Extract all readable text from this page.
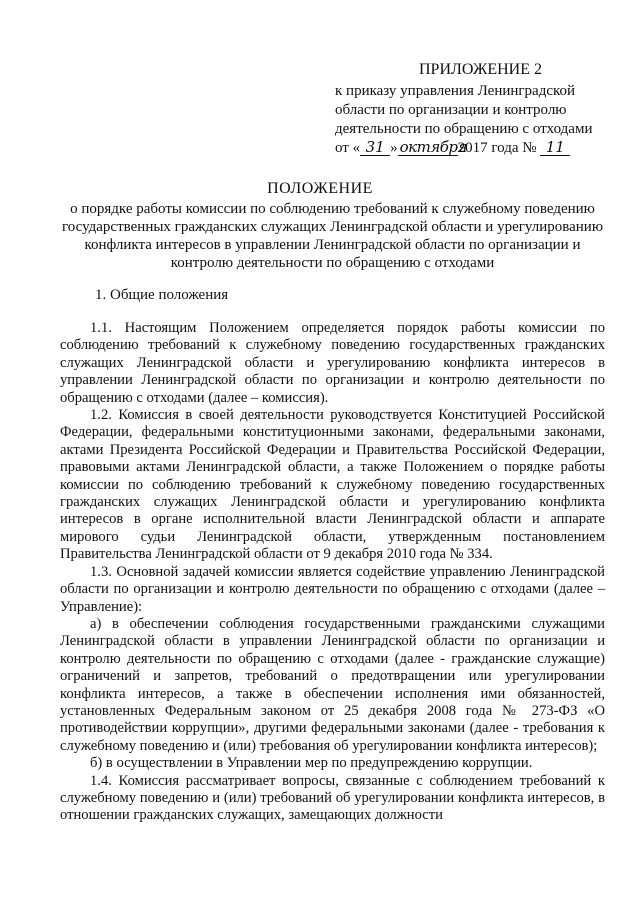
ПРИЛОЖЕНИЕ 2
к приказу управления Ленинградской
области по организации и контролю
деятельности по обращению с отходами
от « 31 » октября2017 года № 11
ПОЛОЖЕНИЕ
о порядке работы комиссии по соблюдению требований к служебному поведению государственных гражданских служащих Ленинградской области и урегулированию конфликта интересов в управлении Ленинградской области по организации и контролю деятельности по обращению с отходами
1. Общие положения

1.1. Настоящим Положением определяется порядок работы комиссии по соблюдению требований к служебному поведению государственных гражданских служащих Ленинградской области и урегулированию конфликта интересов в управлении Ленинградской области по организации и контролю деятельности по обращению с отходами (далее – комиссия).

1.2. Комиссия в своей деятельности руководствуется Конституцией Российской Федерации, федеральными конституционными законами, федеральными законами, актами Президента Российской Федерации и Правительства Российской Федерации, правовыми актами Ленинградской области, а также Положением о порядке работы комиссии по соблюдению требований к служебному поведению государственных гражданских служащих Ленинградской области и урегулированию конфликта интересов в органе исполнительной власти Ленинградской области и аппарате мирового судьи Ленинградской области, утвержденным постановлением Правительства Ленинградской области от 9 декабря 2010 года № 334.

1.3. Основной задачей комиссии является содействие управлению Ленинградской области по организации и контролю деятельности по обращению с отходами (далее – Управление):

а) в обеспечении соблюдения государственными гражданскими служащими Ленинградской области в управлении Ленинградской области по организации и контролю деятельности по обращению с отходами (далее - гражданские служащие) ограничений и запретов, требований о предотвращении или урегулировании конфликта интересов, а также в обеспечении исполнения ими обязанностей, установленных Федеральным законом от 25 декабря 2008 года № 273-ФЗ «О противодействии коррупции», другими федеральными законами (далее - требования к служебному поведению и (или) требования об урегулировании конфликта интересов);

б) в осуществлении в Управлении мер по предупреждению коррупции.

1.4. Комиссия рассматривает вопросы, связанные с соблюдением требований к служебному поведению и (или) требований об урегулировании конфликта интересов, в отношении гражданских служащих, замещающих должности
